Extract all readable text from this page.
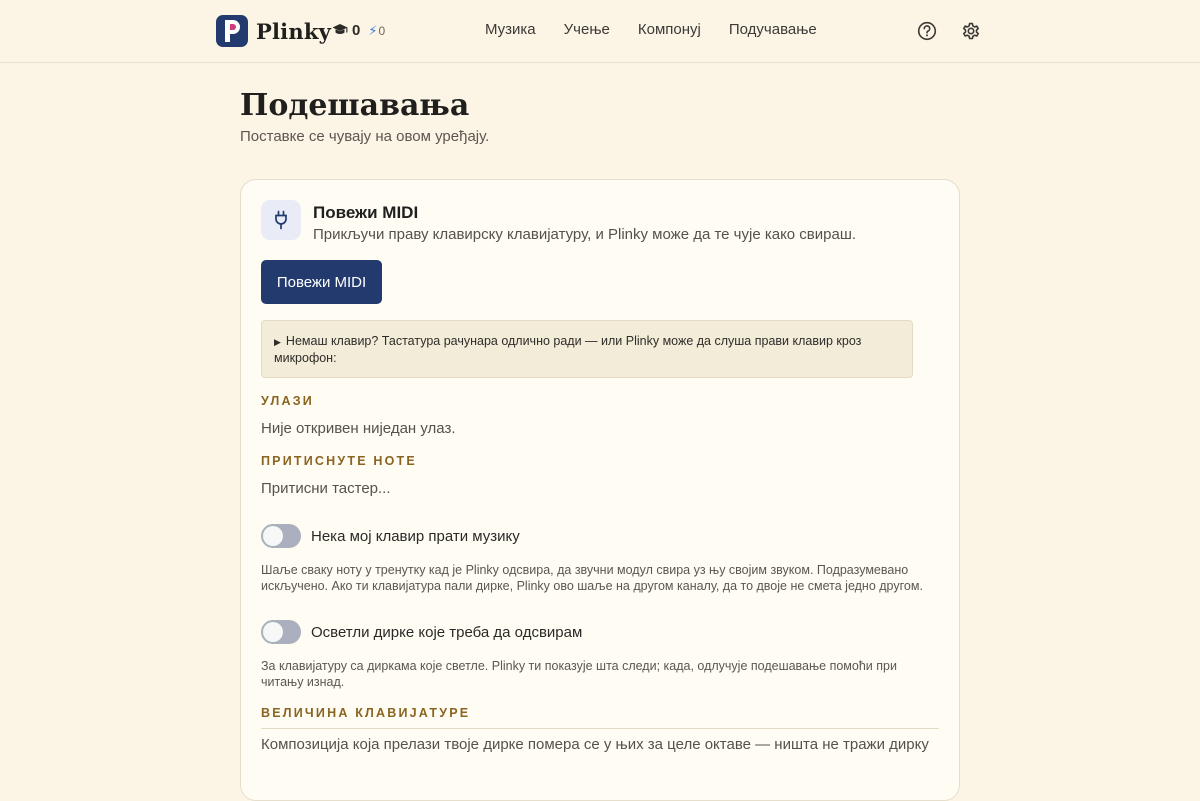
Plinky 0 ⚡ 0	Музика Учење Компонуј Подучавање
Подешавања
Поставке се чувају на овом уређају.
Повежи MIDI
Прикључи праву клавирску клавијатуру, и Plinky може да те чује како свираш.
Повежи MIDI
▶ Немаш клавир? Тастатура рачунара одлично ради — или Plinky може да слуша прави клавир кроз микрофон:
УЛАЗИ
Није откривен ниједан улаз.
ПРИТИСНУТЕ НОТЕ
Притисни тастер...
Нека мој клавир прати музику
Шаље сваку ноту у тренутку кад је Plinky одсвира, да звучни модул свира уз њу својим звуком. Подразумевано искључено. Ако ти клавијатура пали дирке, Plinky ово шаље на другом каналу, да то двоје не смета једно другом.
Осветли дирке које треба да одсвирам
За клавијатуру са диркама које светле. Plinky ти показује шта следи; када, одлучује подешавање помоћи при читању изнад.
ВЕЛИЧИНА КЛАВИЈАТУРЕ
Композиција која прелази твоје дирке помера се у њих за целе октаве — ништа не тражи дирку
